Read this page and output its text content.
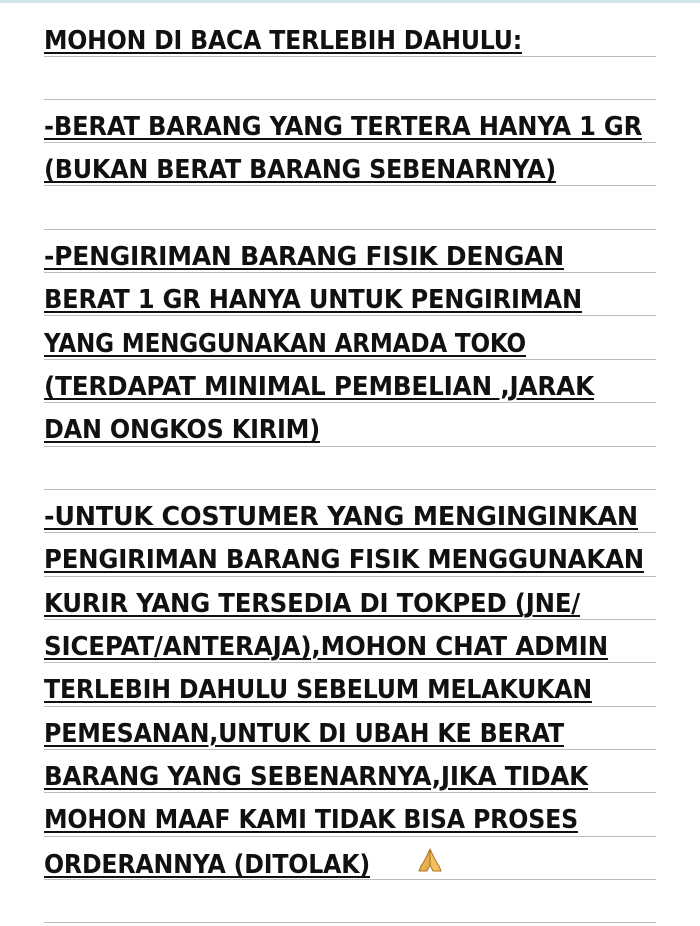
MOHON DI BACA TERLEBIH DAHULU:
-BERAT BARANG YANG TERTERA HANYA 1 GR
(BUKAN BERAT BARANG SEBENARNYA)
-PENGIRIMAN BARANG FISIK DENGAN
BERAT 1 GR HANYA UNTUK PENGIRIMAN
YANG MENGGUNAKAN ARMADA TOKO
(TERDAPAT MINIMAL PEMBELIAN ,JARAK
DAN ONGKOS KIRIM)
-UNTUK COSTUMER YANG MENGINGINKAN
PENGIRIMAN BARANG FISIK MENGGUNAKAN
KURIR YANG TERSEDIA DI TOKPED (JNE/
SICEPAT/ANTERAJA),MOHON CHAT ADMIN
TERLEBIH DAHULU SEBELUM MELAKUKAN
PEMESANAN,UNTUK DI UBAH KE BERAT
BARANG YANG SEBENARNYA,JIKA TIDAK
MOHON MAAF KAMI TIDAK BISA PROSES
ORDERANNYA (DITOLAK)
